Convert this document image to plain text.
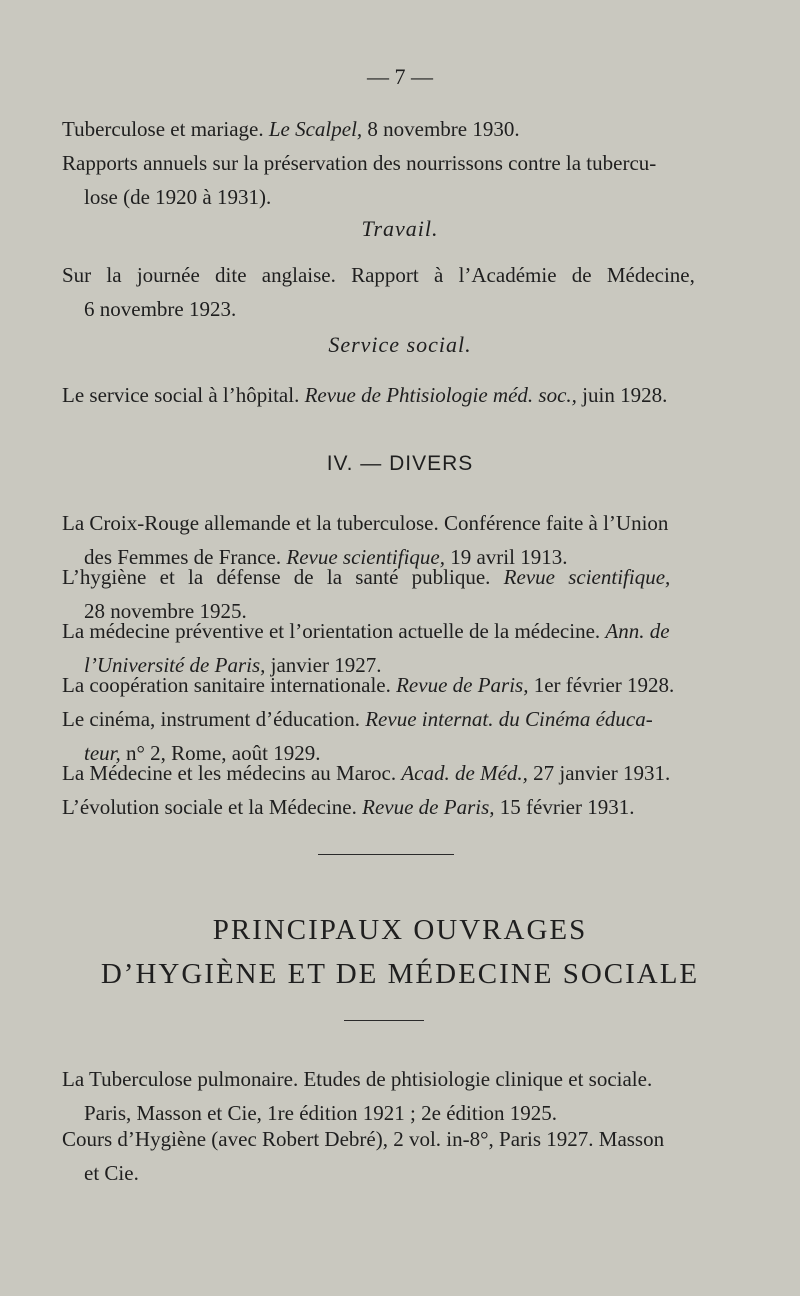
— 7 —
Tuberculose et mariage. Le Scalpel, 8 novembre 1930.
Rapports annuels sur la préservation des nourrissons contre la tubercu-
lose (de 1920 à 1931).
Travail.
Sur la journée dite anglaise. Rapport à l’Académie de Médecine,
6 novembre 1923.
Service social.
Le service social à l’hôpital. Revue de Phtisiologie méd. soc., juin 1928.
IV. — DIVERS
La Croix-Rouge allemande et la tuberculose. Conférence faite à l’Union
des Femmes de France. Revue scientifique, 19 avril 1913.
L’hygiène et la défense de la santé publique. Revue scientifique,
28 novembre 1925.
La médecine préventive et l’orientation actuelle de la médecine. Ann. de
l’Université de Paris, janvier 1927.
La coopération sanitaire internationale. Revue de Paris, 1er février 1928.
Le cinéma, instrument d’éducation. Revue internat. du Cinéma éduca-
teur, n° 2, Rome, août 1929.
La Médecine et les médecins au Maroc. Acad. de Méd., 27 janvier 1931.
L’évolution sociale et la Médecine. Revue de Paris, 15 février 1931.
PRINCIPAUX OUVRAGES
D’HYGIÈNE ET DE MÉDECINE SOCIALE
La Tuberculose pulmonaire. Etudes de phtisiologie clinique et sociale.
Paris, Masson et Cie, 1re édition 1921 ; 2e édition 1925.
Cours d’Hygiène (avec Robert Debré), 2 vol. in-8°, Paris 1927. Masson
et Cie.
